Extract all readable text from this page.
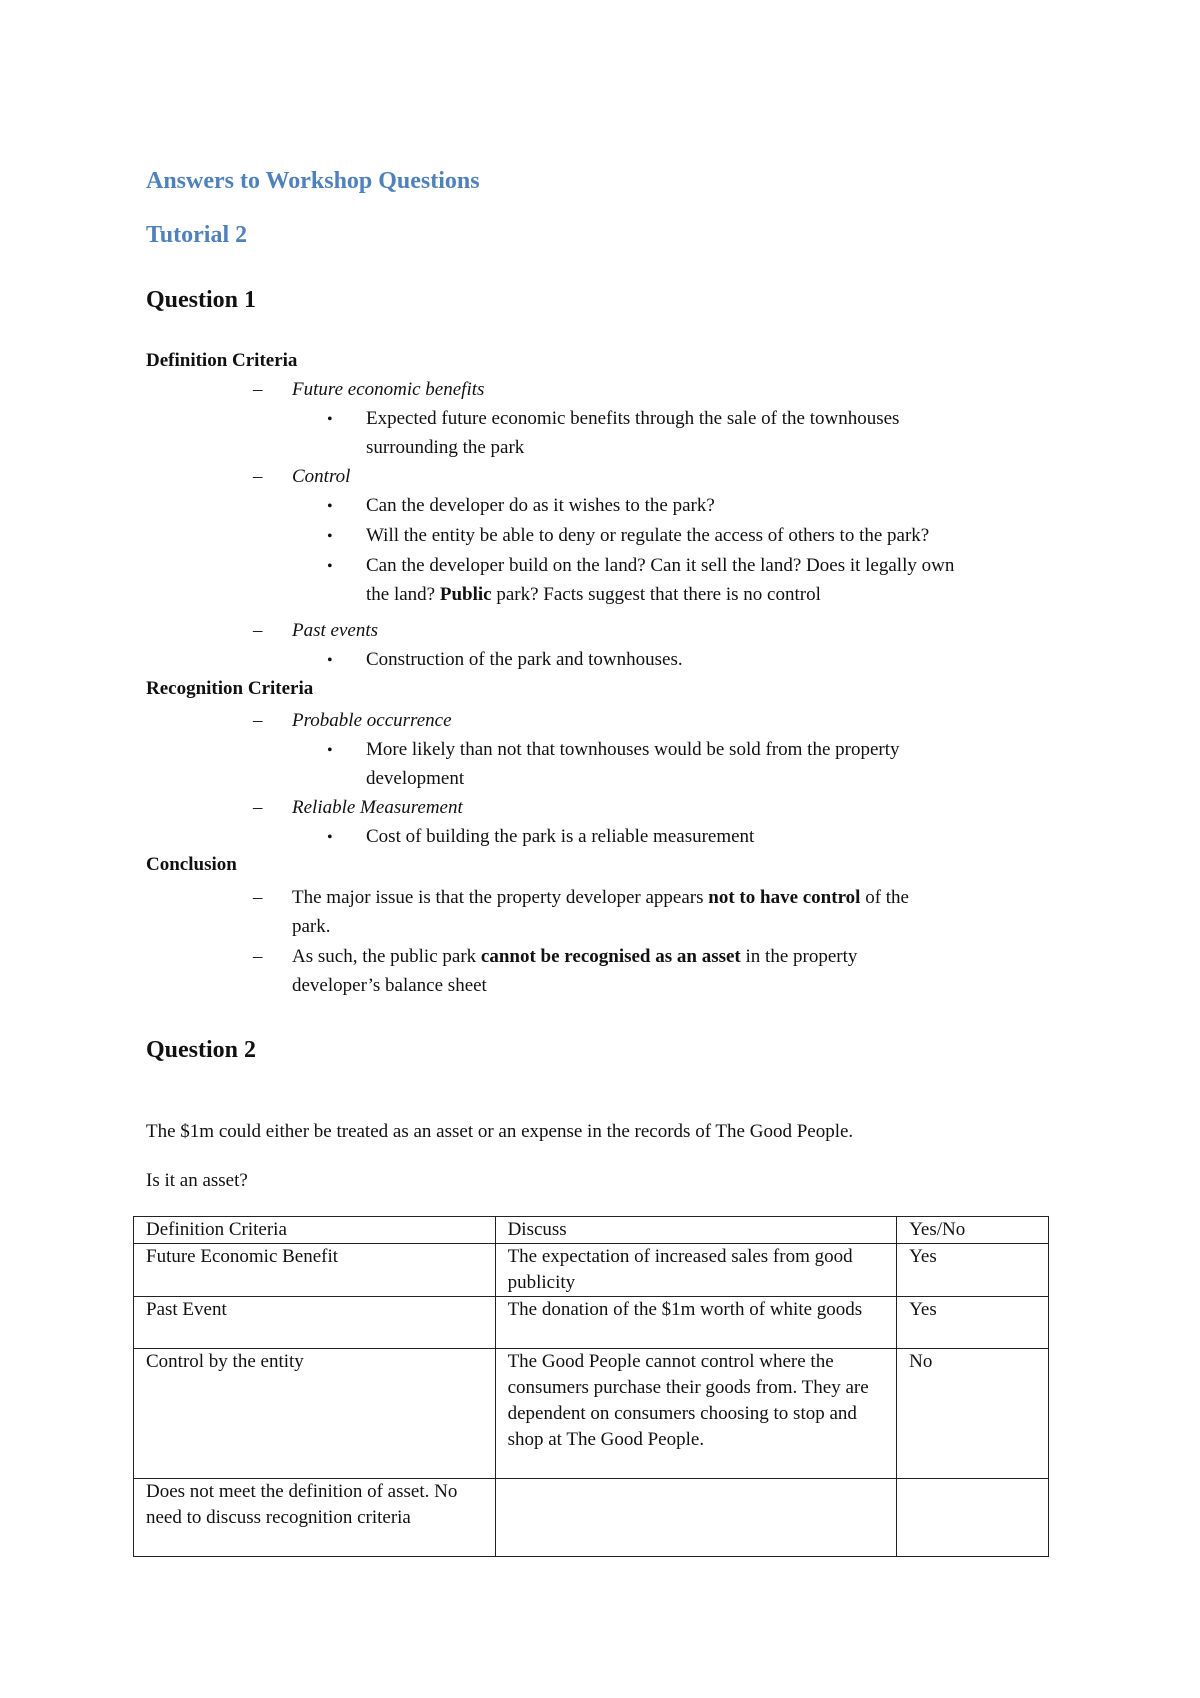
Answers to Workshop Questions
Tutorial 2
Question 1
Definition Criteria
– Future economic benefits
• Expected future economic benefits through the sale of the townhouses
surrounding the park
– Control
• Can the developer do as it wishes to the park?
• Will the entity be able to deny or regulate the access of others to the park?
• Can the developer build on the land? Can it sell the land? Does it legally own
the land? Public park? Facts suggest that there is no control
– Past events
• Construction of the park and townhouses.
Recognition Criteria
– Probable occurrence
• More likely than not that townhouses would be sold from the property
development
– Reliable Measurement
• Cost of building the park is a reliable measurement
Conclusion
– The major issue is that the property developer appears not to have control of the
park.
– As such, the public park cannot be recognised as an asset in the property
developer’s balance sheet
Question 2
The $1m could either be treated as an asset or an expense in the records of The Good People.
Is it an asset?
Definition Criteria	Discuss	Yes/No
Future Economic Benefit	The expectation of increased sales from good publicity	Yes
Past Event	The donation of the $1m worth of white goods	Yes
Control by the entity	The Good People cannot control where the consumers purchase their goods from. They are dependent on consumers choosing to stop and shop at The Good People.	No
Does not meet the definition of asset. No need to discuss recognition criteria		
